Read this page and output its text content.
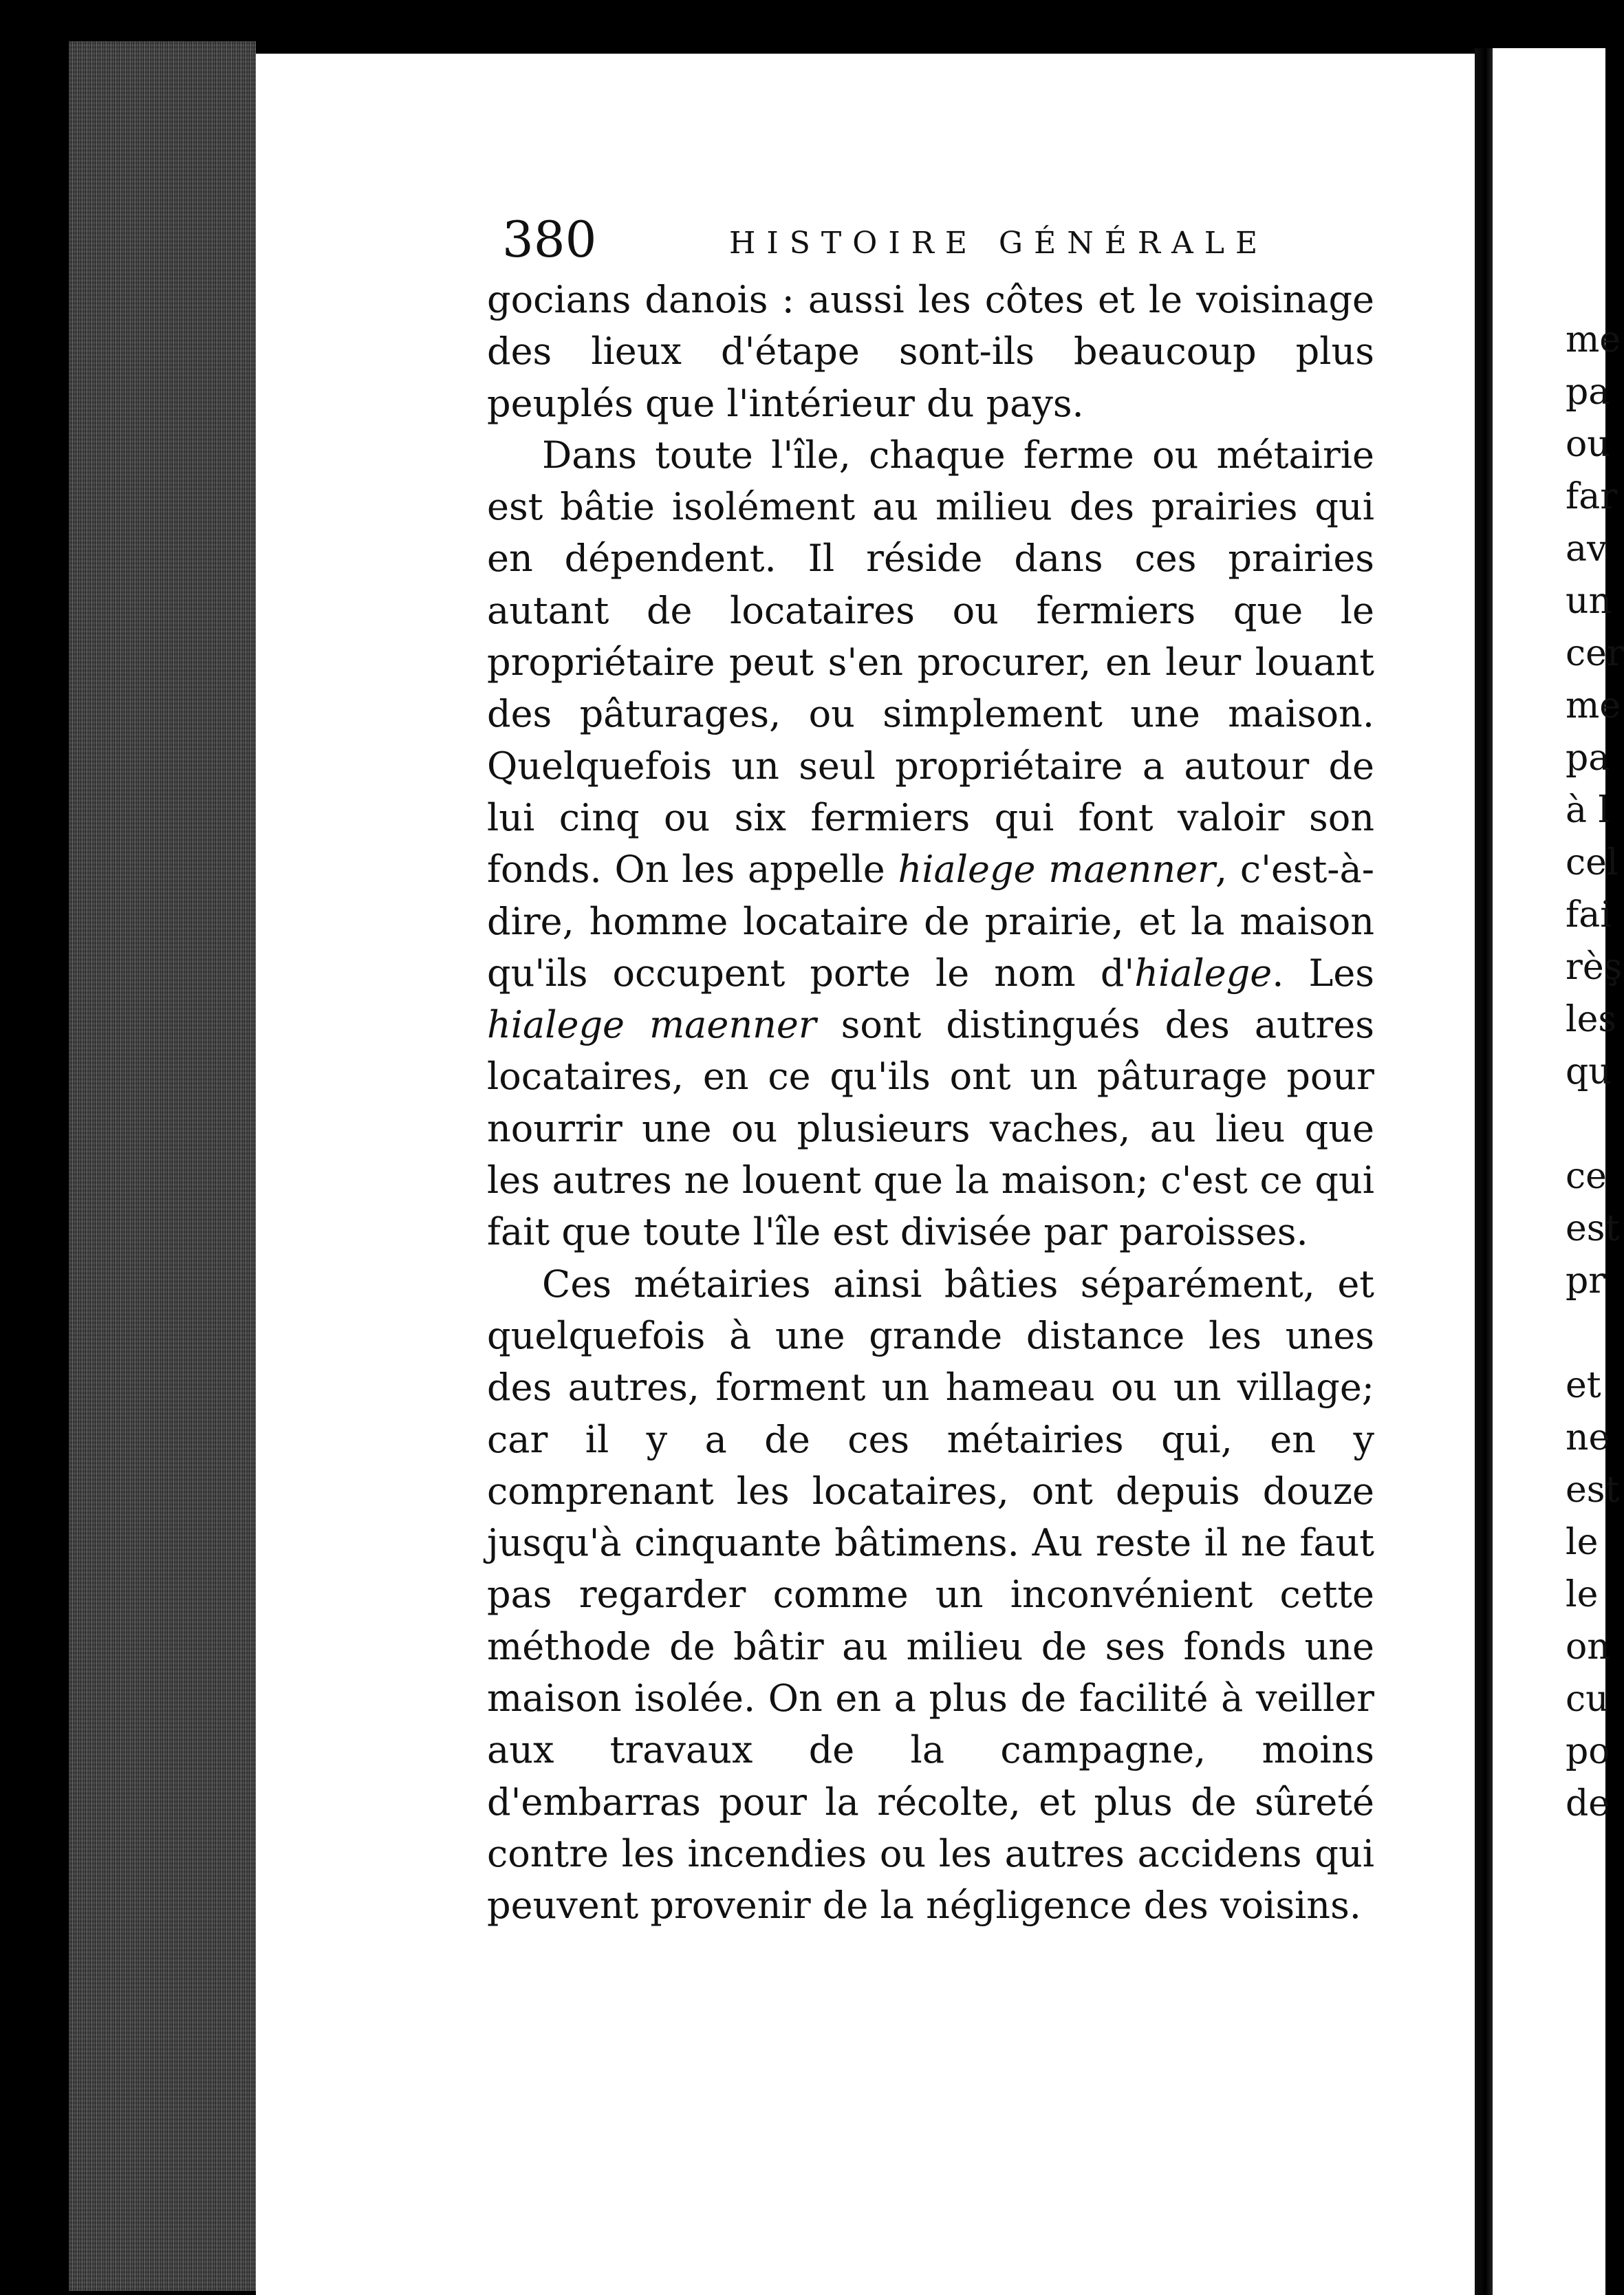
380	HISTOIRE GÉNÉRALE

gocians danois : aussi les côtes et le voisinage des lieux d'étape sont-ils beaucoup plus peuplés que l'intérieur du pays.

Dans toute l'île, chaque ferme ou métairie est bâtie isolément au milieu des prairies qui en dépendent. Il réside dans ces prairies autant de locataires ou fermiers que le propriétaire peut s'en procurer, en leur louant des pâturages, ou simplement une maison. Quelquefois un seul propriétaire a autour de lui cinq ou six fermiers qui font valoir son fonds. On les appelle hialege maenner, c'est-à-dire, homme locataire de prairie, et la maison qu'ils occupent porte le nom d'hialege. Les hialege maenner sont distingués des autres locataires, en ce qu'ils ont un pâturage pour nourrir une ou plusieurs vaches, au lieu que les autres ne louent que la maison; c'est ce qui fait que toute l'île est divisée par paroisses.

Ces métairies ainsi bâties séparément, et quelquefois à une grande distance les unes des autres, forment un hameau ou un village; car il y a de ces métairies qui, en y comprenant les locataires, ont depuis douze jusqu'à cinquante bâtimens. Au reste il ne faut pas regarder comme un inconvénient cette méthode de bâtir au milieu de ses fonds une maison isolée. On en a plus de facilité à veiller aux travaux de la campagne, moins d'embarras pour la récolte, et plus de sûreté contre les incendies ou les autres accidens qui peuvent provenir de la négligence des voisins.

me
pa
ou
far
av
un
cer
me
pa
à l
cel
fai
rèş
les
qu
ce
est
pr
et
ne
est
le
le
on
cu
po
de
